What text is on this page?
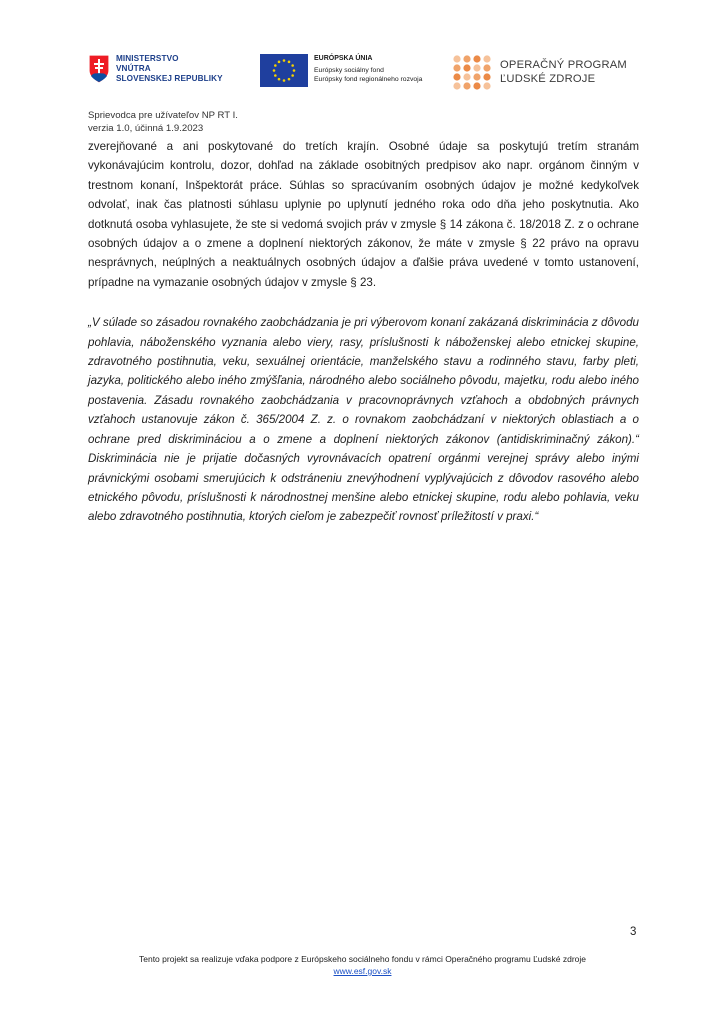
MINISTERSTVO
VNÚTRA
SLOVENSKEJ REPUBLIKY
EURÓPSKA ÚNIA
Európsky sociálny fond
Európsky fond regionálneho rozvoja
OPERAČNÝ PROGRAM
ĽUDSKÉ ZDROJE
Sprievodca pre užívateľov NP RT I.
verzia 1.0, účinná 1.9.2023

zverejňované a ani poskytované do tretích krajín. Osobné údaje sa poskytujú tretím stranám vykonávajúcim kontrolu, dozor, dohľad na základe osobitných predpisov ako napr. orgánom činným v trestnom konaní, Inšpektorát práce. Súhlas so spracúvaním osobných údajov je možné kedykoľvek odvolať, inak čas platnosti súhlasu uplynie po uplynutí jedného roka odo dňa jeho poskytnutia. Ako dotknutá osoba vyhlasujete, že ste si vedomá svojich práv v zmysle § 14 zákona č. 18/2018 Z. z o ochrane osobných údajov a o zmene a doplnení niektorých zákonov, že máte v zmysle § 22 právo na opravu nesprávnych, neúplných a neaktuálnych osobných údajov a ďalšie práva uvedené v tomto ustanovení, prípadne na vymazanie osobných údajov v zmysle § 23.

„V súlade so zásadou rovnakého zaobchádzania je pri výberovom konaní zakázaná diskriminácia z dôvodu pohlavia, náboženského vyznania alebo viery, rasy, príslušnosti k náboženskej alebo etnickej skupine, zdravotného postihnutia, veku, sexuálnej orientácie, manželského stavu a rodinného stavu, farby pleti, jazyka, politického alebo iného zmýšľania, národného alebo sociálneho pôvodu, majetku, rodu alebo iného postavenia. Zásadu rovnakého zaobchádzania v pracovnoprávnych vzťahoch a obdobných právnych vzťahoch ustanovuje zákon č. 365/2004 Z. z. o rovnakom zaobchádzaní v niektorých oblastiach a o ochrane pred diskrimináciou a o zmene a doplnení niektorých zákonov (antidiskriminačný zákon).“ Diskriminácia nie je prijatie dočasných vyrovnávacích opatrení orgánmi verejnej správy alebo inými právnickými osobami smerujúcich k odstráneniu znevýhodnení vyplývajúcich z dôvodov rasového alebo etnického pôvodu, príslušnosti k národnostnej menšine alebo etnickej skupine, rodu alebo pohlavia, veku alebo zdravotného postihnutia, ktorých cieľom je zabezpečiť rovnosť príležitostí v praxi.“

3
Tento projekt sa realizuje vďaka podpore z Európskeho sociálneho fondu v rámci Operačného programu Ľudské zdroje
www.esf.gov.sk
